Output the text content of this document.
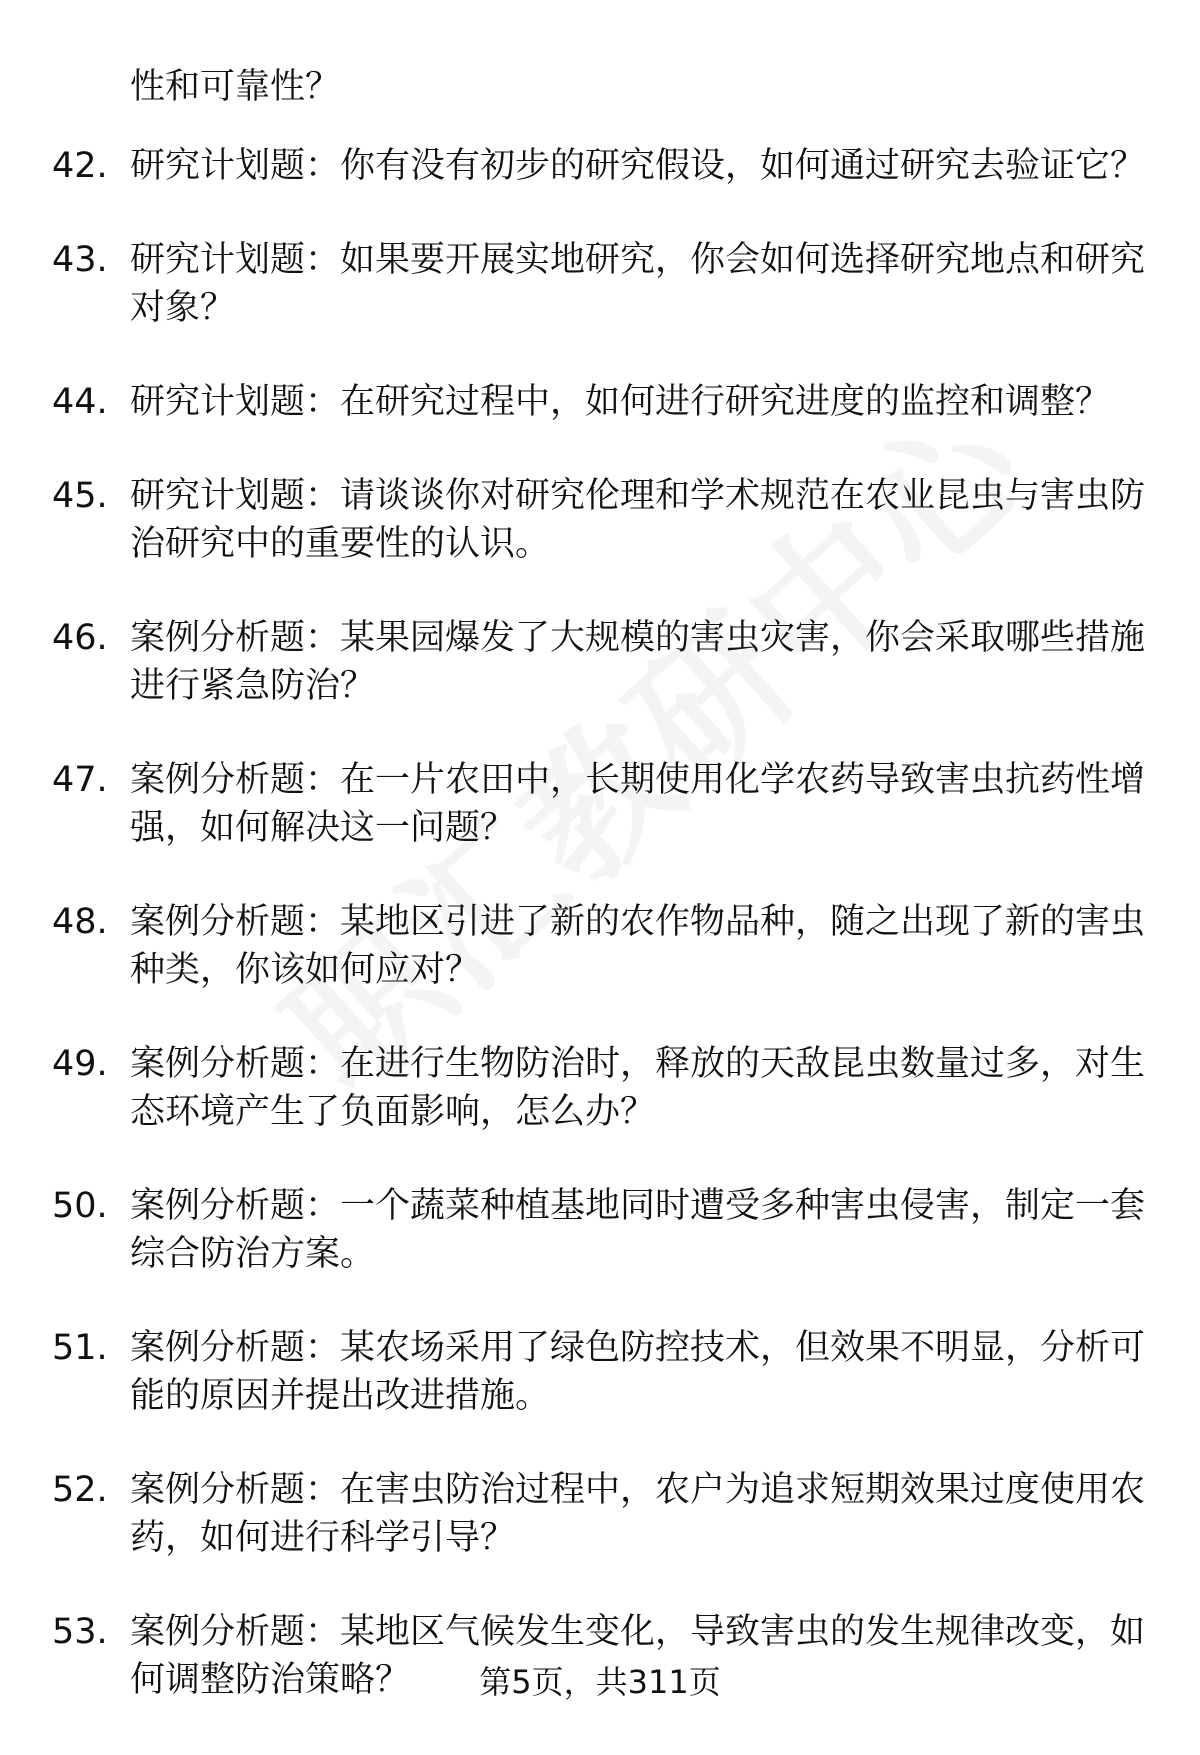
性和可靠性？

42. 研究计划题：你有没有初步的研究假设，如何通过研究去验证它？
43. 研究计划题：如果要开展实地研究，你会如何选择研究地点和研究对象？
44. 研究计划题：在研究过程中，如何进行研究进度的监控和调整？
45. 研究计划题：请谈谈你对研究伦理和学术规范在农业昆虫与害虫防治研究中的重要性的认识。
46. 案例分析题：某果园爆发了大规模的害虫灾害，你会采取哪些措施进行紧急防治？
47. 案例分析题：在一片农田中，长期使用化学农药导致害虫抗药性增强，如何解决这一问题？
48. 案例分析题：某地区引进了新的农作物品种，随之出现了新的害虫种类，你该如何应对？
49. 案例分析题：在进行生物防治时，释放的天敌昆虫数量过多，对生态环境产生了负面影响，怎么办？
50. 案例分析题：一个蔬菜种植基地同时遭受多种害虫侵害，制定一套综合防治方案。
51. 案例分析题：某农场采用了绿色防控技术，但效果不明显，分析可能的原因并提出改进措施。
52. 案例分析题：在害虫防治过程中，农户为追求短期效果过度使用农药，如何进行科学引导？
53. 案例分析题：某地区气候发生变化，导致害虫的发生规律改变，如何调整防治策略？	第5页，共311页
